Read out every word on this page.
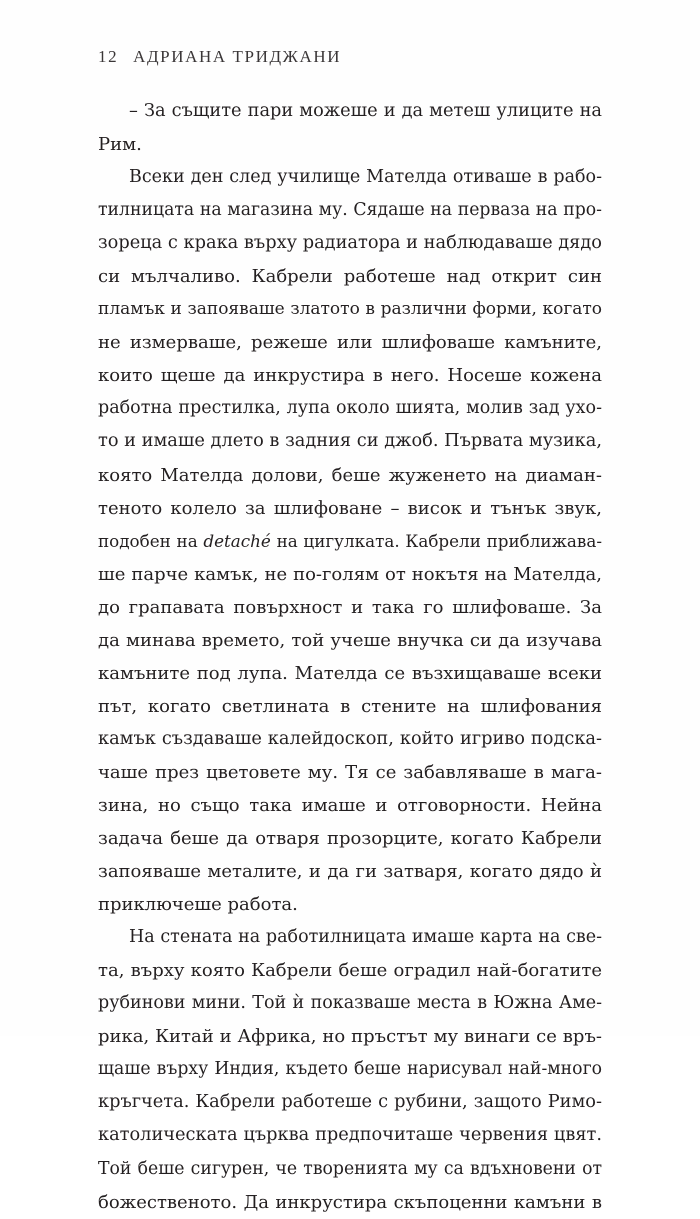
12 АДРИАНА ТРИДЖАНИ
– За същите пари можеше и да метеш улиците на
Рим.
Всеки ден след училище Мателда отиваше в рабо-
тилницата на магазина му. Сядаше на перваза на про-
зореца с крака върху радиатора и наблюдаваше дядо
си мълчаливо. Кабрели работеше над открит син
пламък и запояваше златото в различни форми, когато
не измерваше, режеше или шлифоваше камъните,
които щеше да инкрустира в него. Носеше кожена
работна престилка, лупа около шията, молив зад ухо-
то и имаше длето в задния си джоб. Първата музика,
която Мателда долови, беше жуженето на диаман-
теното колело за шлифоване – висок и тънък звук,
подобен на detaché на цигулката. Кабрели приближава-
ше парче камък, не по-голям от нокътя на Мателда,
до грапавата повърхност и така го шлифоваше. За
да минава времето, той учеше внучка си да изучава
камъните под лупа. Мателда се възхищаваше всеки
път, когато светлината в стените на шлифования
камък създаваше калейдоскоп, който игриво подска-
чаше през цветовете му. Тя се забавляваше в мага-
зина, но също така имаше и отговорности. Нейна
задача беше да отваря прозорците, когато Кабрели
запояваше металите, и да ги затваря, когато дядо ѝ
приключеше работа.
На стената на работилницата имаше карта на све-
та, върху която Кабрели беше оградил най-богатите
рубинови мини. Той ѝ показваше места в Южна Аме-
рика, Китай и Африка, но пръстът му винаги се връ-
щаше върху Индия, където беше нарисувал най-много
кръгчета. Кабрели работеше с рубини, защото Римо-
католическата църква предпочиташе червения цвят.
Той беше сигурен, че творенията му са вдъхновени от
божественото. Да инкрустира скъпоценни камъни в
